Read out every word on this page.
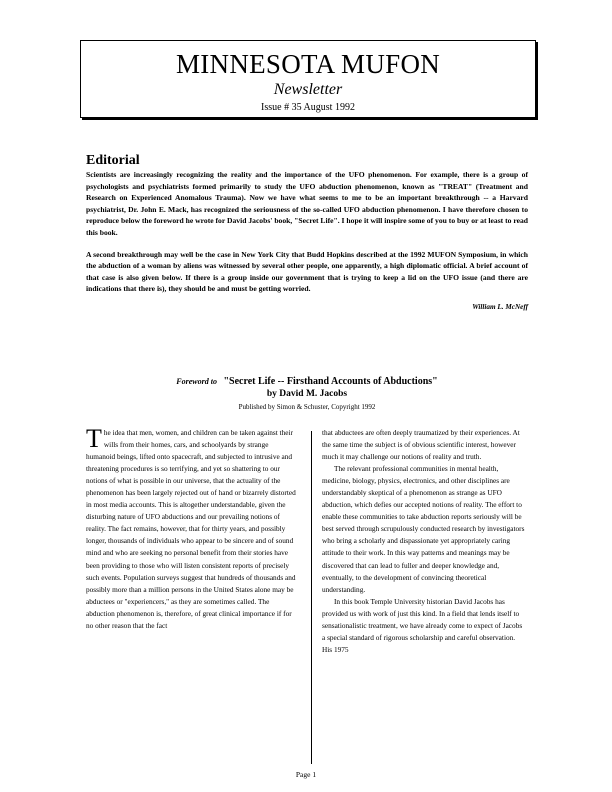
MINNESOTA MUFON
Newsletter
Issue # 35 August 1992
Editorial

Scientists are increasingly recognizing the reality and the importance of the UFO phenomenon. For example, there is a group of psychologists and psychiatrists formed primarily to study the UFO abduction phenomenon, known as "TREAT" (Treatment and Research on Experienced Anomalous Trauma). Now we have what seems to me to be an important breakthrough -- a Harvard psychiatrist, Dr. John E. Mack, has recognized the seriousness of the so-called UFO abduction phenomenon. I have therefore chosen to reproduce below the foreword he wrote for David Jacobs' book, "Secret Life". I hope it will inspire some of you to buy or at least to read this book.

A second breakthrough may well be the case in New York City that Budd Hopkins described at the 1992 MUFON Symposium, in which the abduction of a woman by aliens was witnessed by several other people, one apparently, a high diplomatic official. A brief account of that case is also given below. If there is a group inside our government that is trying to keep a lid on the UFO issue (and there are indications that there is), they should be and must be getting worried.

William L. McNeff
Foreword to "Secret Life -- Firsthand Accounts of Abductions"
by David M. Jacobs
Published by Simon & Schuster, Copyright 1992

The idea that men, women, and children can be taken against their wills from their homes, cars, and schoolyards by strange humanoid beings, lifted onto spacecraft, and subjected to intrusive and threatening procedures is so terrifying, and yet so shattering to our notions of what is possible in our universe, that the actuality of the phenomenon has been largely rejected out of hand or bizarrely distorted in most media accounts. This is altogether understandable, given the disturbing nature of UFO abductions and our prevailing notions of reality. The fact remains, however, that for thirty years, and possibly longer, thousands of individuals who appear to be sincere and of sound mind and who are seeking no personal benefit from their stories have been providing to those who will listen consistent reports of precisely such events. Population surveys suggest that hundreds of thousands and possibly more than a million persons in the United States alone may be abductees or "experiencers," as they are sometimes called. The abduction phenomenon is, therefore, of great clinical importance if for no other reason that the fact

that abductees are often deeply traumatized by their experiences. At the same time the subject is of obvious scientific interest, however much it may challenge our notions of reality and truth.

The relevant professional communities in mental health, medicine, biology, physics, electronics, and other disciplines are understandably skeptical of a phenomenon as strange as UFO abduction, which defies our accepted notions of reality. The effort to enable these communities to take abduction reports seriously will be best served through scrupulously conducted research by investigators who bring a scholarly and dispassionate yet appropriately caring attitude to their work. In this way patterns and meanings may be discovered that can lead to fuller and deeper knowledge and, eventually, to the development of convincing theoretical understanding.

In this book Temple University historian David Jacobs has provided us with work of just this kind. In a field that lends itself to sensationalistic treatment, we have already come to expect of Jacobs a special standard of rigorous scholarship and careful observation. His 1975

Page 1
